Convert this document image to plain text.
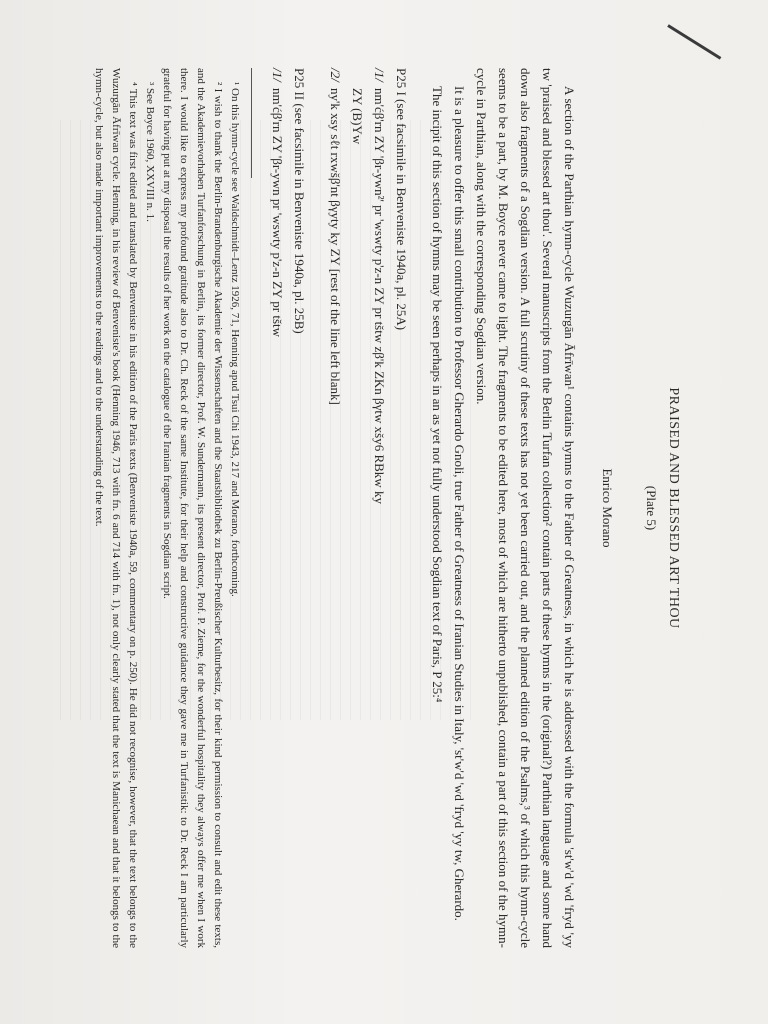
PRAISED AND BLESSED ART THOU
(Plate 5)
Enrico Morano

A section of the Parthian hymn-cycle Wuzurgān Āfrīwan¹ contains hymns to the Father of Greatness, in which he is addressed with the formula 'st'w'd 'wd 'fryd 'yy tw 'praised and blessed art thou'. Several manuscripts from the Berlin Turfan collection² contain parts of these hymns in the (original?) Parthian language and some hand down also fragments of a Sogdian version. A full scrutiny of these texts has not yet been carried out, and the planned edition of the Psalms,³ of which this hymn-cycle seems to be a part, by M. Boyce never came to light. The fragments to be edited here, most of which are hitherto unpublished, contain a part of this section of the hymn-cycle in Parthian, along with the corresponding Sogdian version.

It is a pleasure to offer this small contribution to Professor Gherardo Gnoli, true Father of Greatness of Iranian Studies in Italy, 'st'w'd 'wd 'fryd 'yy tw, Gherardo.

The incipit of this section of hymns may be seen perhaps in an as yet not fully understood Sogdian text of Paris, P 25:⁴

P25 I (see facsimile in Benveniste 1940a, pl. 25A)
/1/nm'ćβ'rn ZY 'βr-ywn²' pr 'wswty p'z-n ZY pr tštw zβ'k ZKn βγtw xšy6 RBkw ky
ZY (B)Yw
/2/ny'k xsy sℓt rxwšβ'nt βγyty ky ZY [rest of the line left blank]
P25 II (see facsimile in Benveniste 1940a, pl. 25B)
/1/nm'ćβ'rn ZY 'βr-ywn pr 'wswty p'z-n ZY pr tštw

¹ On this hymn-cycle see Waldschmidt–Lentz 1926, 71, Henning apud Tsui Chi 1943, 217 and Morano, forthcoming.

² I wish to thank the Berlin-Brandenburgische Akademie der Wissenschaften and the Staatsbibliothek zu Berlin-Preußischer Kulturbesitz, for their kind permission to consult and edit these texts, and the Akademievorhaben Turfanforschung in Berlin, its former director, Prof. W. Sundermann, its present director, Prof. P. Zieme, for the wonderful hospitality they always offer me when I work there. I would like to express my profound gratitude also to Dr. Ch. Reck of the same Institute, for their help and constructive guidance they gave me in Turfanistik: to Dr. Reck I am particularly grateful for having put at my disposal the results of her work on the catalogue of the Iranian fragments in Sogdian script.

³ See Boyce 1960, XXVIII n. 1.

⁴ This text was first edited and translated by Benveniste in his edition of the Paris texts (Benveniste 1940a, 59, commentary on p. 250). He did not recognise, however, that the text belongs to the Wuzurgān Āfrīwan cycle. Henning, in his review of Benveniste's book (Henning 1946, 713 with fn. 6 and 714 with fn. 1), not only clearly stated that the text is Manichaean and that it belongs to the hymn-cycle, but also made important improvements to the readings and to the understanding of the text.
